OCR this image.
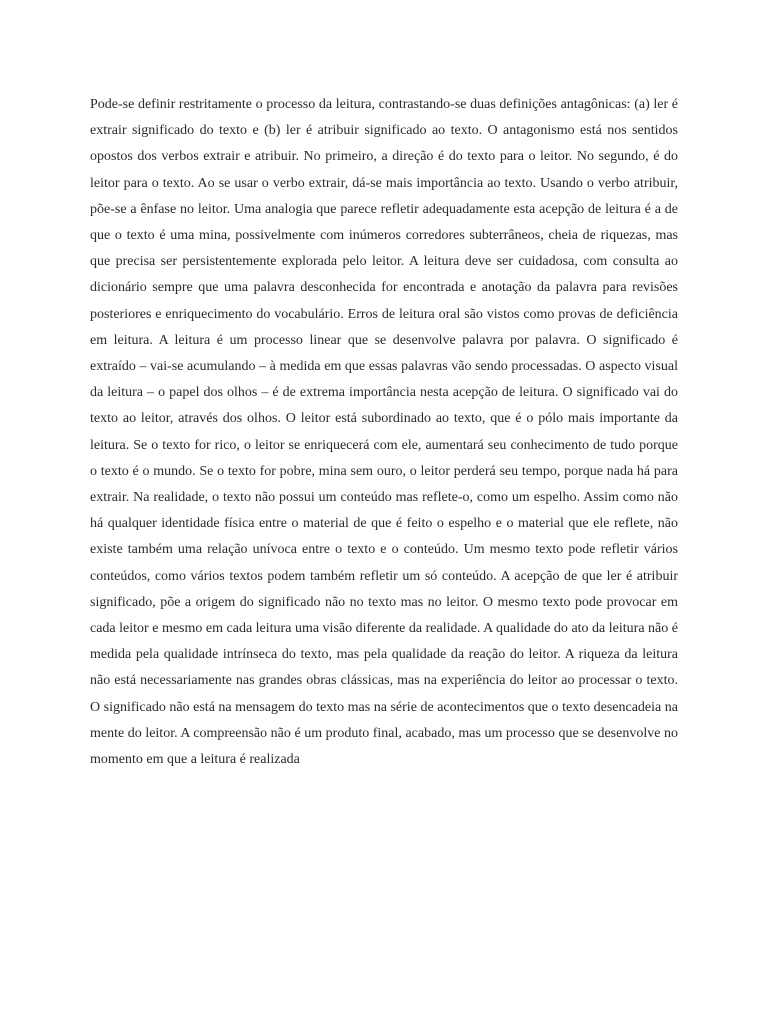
Pode-se definir restritamente o processo da leitura, contrastando-se duas definições antagônicas: (a) ler é extrair significado do texto e (b) ler é atribuir significado ao texto. O antagonismo está nos sentidos opostos dos verbos extrair e atribuir. No primeiro, a direção é do texto para o leitor. No segundo, é do leitor para o texto. Ao se usar o verbo extrair, dá-se mais importância ao texto. Usando o verbo atribuir, põe-se a ênfase no leitor. Uma analogia que parece refletir adequadamente esta acepção de leitura é a de que o texto é uma mina, possivelmente com inúmeros corredores subterrâneos, cheia de riquezas, mas que precisa ser persistentemente explorada pelo leitor. A leitura deve ser cuidadosa, com consulta ao dicionário sempre que uma palavra desconhecida for encontrada e anotação da palavra para revisões posteriores e enriquecimento do vocabulário. Erros de leitura oral são vistos como provas de deficiência em leitura. A leitura é um processo linear que se desenvolve palavra por palavra. O significado é extraído – vai-se acumulando – à medida em que essas palavras vão sendo processadas. O aspecto visual da leitura – o papel dos olhos – é de extrema importância nesta acepção de leitura. O significado vai do texto ao leitor, através dos olhos. O leitor está subordinado ao texto, que é o pólo mais importante da leitura. Se o texto for rico, o leitor se enriquecerá com ele, aumentará seu conhecimento de tudo porque o texto é o mundo. Se o texto for pobre, mina sem ouro, o leitor perderá seu tempo, porque nada há para extrair. Na realidade, o texto não possui um conteúdo mas reflete-o, como um espelho. Assim como não há qualquer identidade física entre o material de que é feito o espelho e o material que ele reflete, não existe também uma relação unívoca entre o texto e o conteúdo. Um mesmo texto pode refletir vários conteúdos, como vários textos podem também refletir um só conteúdo. A acepção de que ler é atribuir significado, põe a origem do significado não no texto mas no leitor. O mesmo texto pode provocar em cada leitor e mesmo em cada leitura uma visão diferente da realidade. A qualidade do ato da leitura não é medida pela qualidade intrínseca do texto, mas pela qualidade da reação do leitor. A riqueza da leitura não está necessariamente nas grandes obras clássicas, mas na experiência do leitor ao processar o texto. O significado não está na mensagem do texto mas na série de acontecimentos que o texto desencadeia na mente do leitor. A compreensão não é um produto final, acabado, mas um processo que se desenvolve no momento em que a leitura é realizada
